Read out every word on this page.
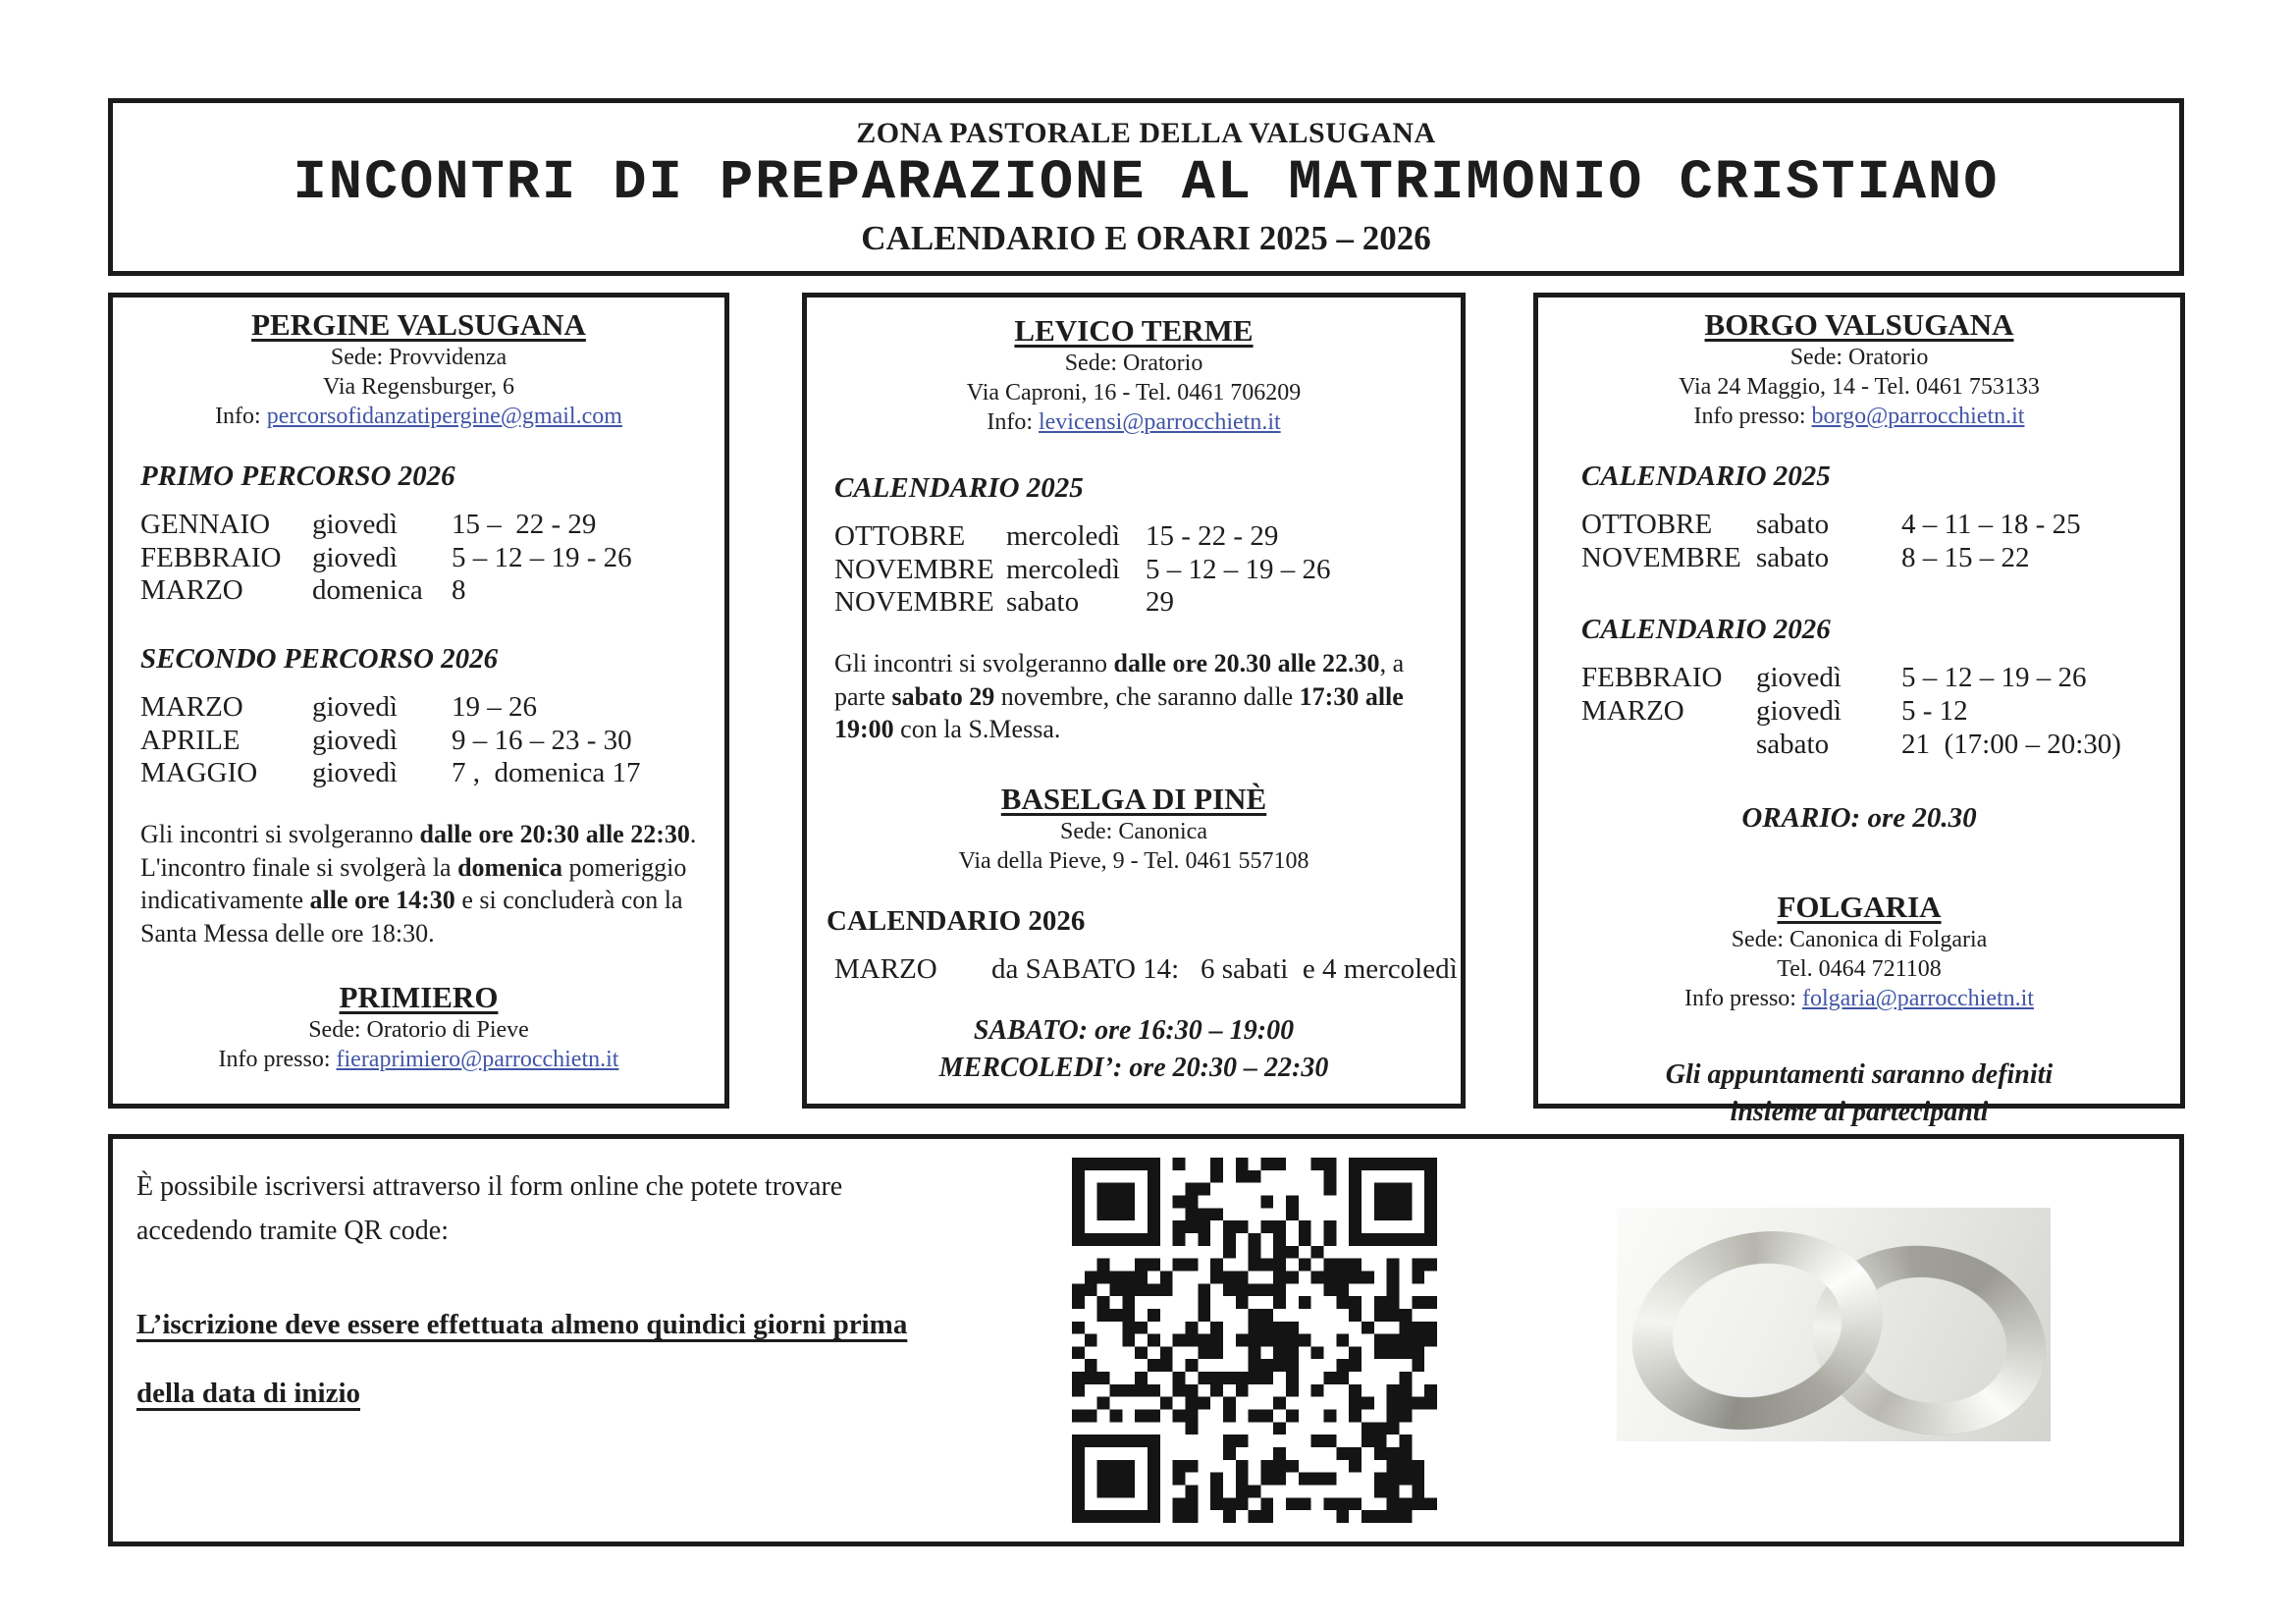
ZONA PASTORALE DELLA VALSUGANA
INCONTRI DI PREPARAZIONE AL MATRIMONIO CRISTIANO
CALENDARIO E ORARI 2025 – 2026

PERGINE VALSUGANA

Sede: Provvidenza
Via Regensburger, 6
Info: percorsofidanzatipergine@gmail.com
PRIMO PERCORSO 2026
GENNAIO	giovedì	15 –  22 - 29
FEBBRAIO	giovedì	5 – 12 – 19 - 26
MARZO	domenica	8
SECONDO PERCORSO 2026
MARZO	giovedì	19 – 26
APRILE	giovedì	9 – 16 – 23 - 30
MAGGIO	giovedì	7 ,  domenica 17

Gli incontri si svolgeranno dalle ore 20:30 alle 22:30. L'incontro finale si svolgerà la domenica pomeriggio indicativamente alle ore 14:30 e si concluderà con la Santa Messa delle ore 18:30.

PRIMIERO

Sede: Oratorio di Pieve
Info presso: fieraprimiero@parrocchietn.it

LEVICO TERME

Sede: Oratorio
Via Caproni, 16 - Tel. 0461 706209
Info: levicensi@parrocchietn.it
CALENDARIO 2025
OTTOBRE	mercoledì 15 - 22 - 29
NOVEMBRE mercoledì 5 – 12 – 19 – 26
NOVEMBRE sabato	29

Gli incontri si svolgeranno dalle ore 20.30 alle 22.30, a parte sabato 29 novembre, che saranno dalle 17:30 alle 19:00 con la S.Messa.

BASELGA DI PINÈ

Sede: Canonica
Via della Pieve, 9 - Tel. 0461 557108
CALENDARIO 2026
MARZO	da SABATO 14:   6 sabati  e 4 mercoledì
SABATO: ore 16:30 – 19:00
MERCOLEDI’: ore 20:30 – 22:30

BORGO VALSUGANA

Sede: Oratorio
Via 24 Maggio, 14 - Tel. 0461 753133
Info presso: borgo@parrocchietn.it
CALENDARIO 2025
OTTOBRE	sabato	4 – 11 – 18 - 25
NOVEMBRE sabato	8 – 15 – 22
CALENDARIO 2026
FEBBRAIO	giovedì	5 – 12 – 19 – 26
MARZO	giovedì	5 - 12
sabato	21  (17:00 – 20:30)
ORARIO: ore 20.30

FOLGARIA

Sede: Canonica di Folgaria
Tel. 0464 721108
Info presso: folgaria@parrocchietn.it
Gli appuntamenti saranno definiti
insieme ai partecipanti
È possibile iscriversi attraverso il form online che potete trovare
accedendo tramite QR code:
L’iscrizione deve essere effettuata almeno quindici giorni prima
della data di inizio
